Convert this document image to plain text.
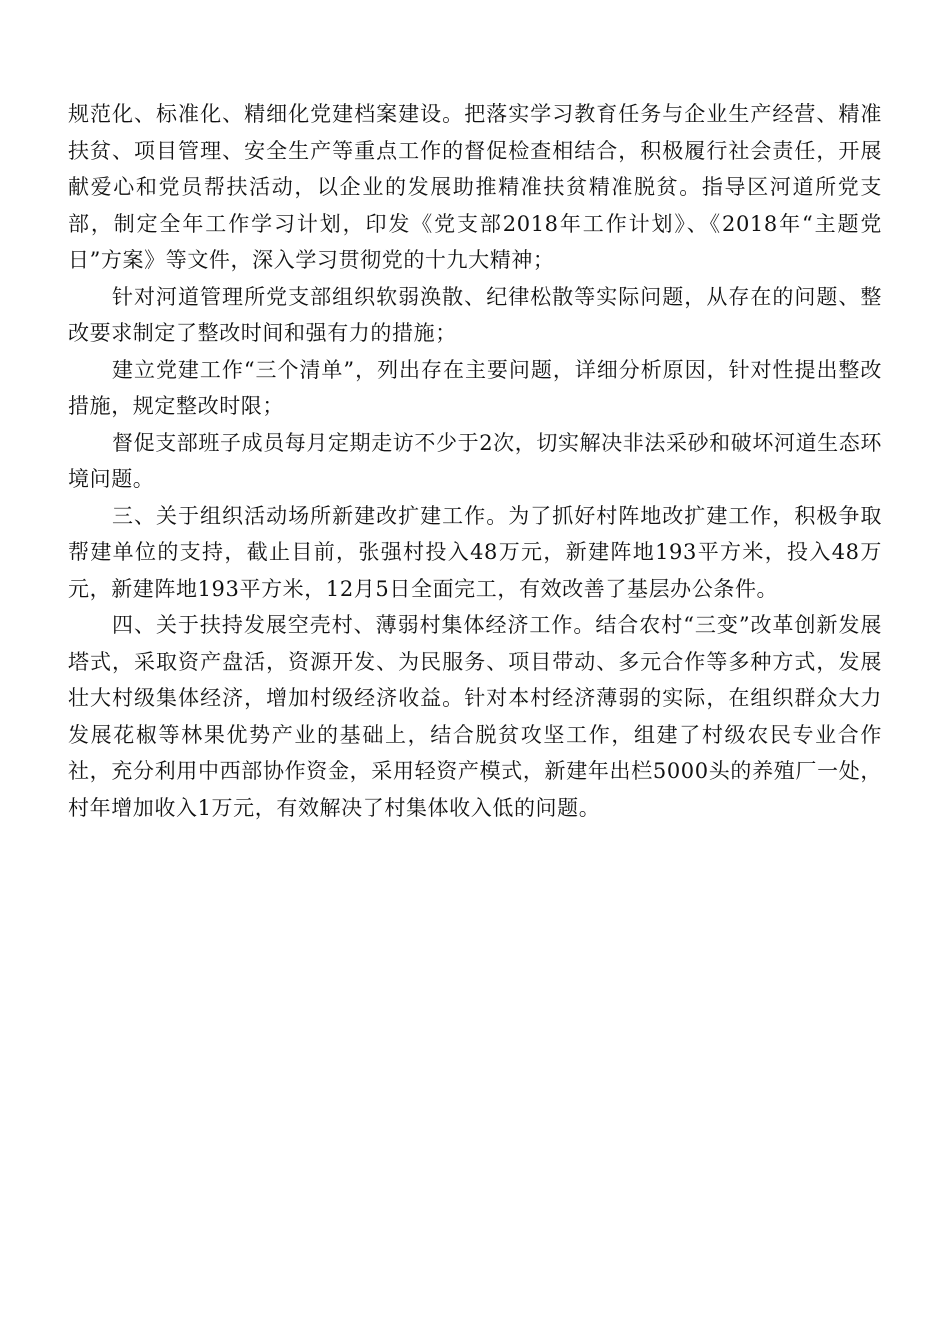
规范化、标准化、精细化党建档案建设。把落实学习教育任务与企业生产经营、精准扶贫、项目管理、安全生产等重点工作的督促检查相结合，积极履行社会责任，开展献爱心和党员帮扶活动，以企业的发展助推精准扶贫精准脱贫。指导区河道所党支部，制定全年工作学习计划，印发《党支部2018年工作计划》、《2018年“主题党日”方案》等文件，深入学习贯彻党的十九大精神；

针对河道管理所党支部组织软弱涣散、纪律松散等实际问题，从存在的问题、整改要求制定了整改时间和强有力的措施；

建立党建工作“三个清单”，列出存在主要问题，详细分析原因，针对性提出整改措施，规定整改时限；

督促支部班子成员每月定期走访不少于2次，切实解决非法采砂和破坏河道生态环境问题。

三、关于组织活动场所新建改扩建工作。为了抓好村阵地改扩建工作，积极争取帮建单位的支持，截止目前，张强村投入48万元，新建阵地193平方米，投入48万元，新建阵地193平方米，12月5日全面完工，有效改善了基层办公条件。

四、关于扶持发展空壳村、薄弱村集体经济工作。结合农村“三变”改革创新发展塔式，采取资产盘活，资源开发、为民服务、项目带动、多元合作等多种方式，发展壮大村级集体经济，增加村级经济收益。针对本村经济薄弱的实际，在组织群众大力发展花椒等林果优势产业的基础上，结合脱贫攻坚工作，组建了村级农民专业合作社，充分利用中西部协作资金，采用轻资产模式，新建年出栏5000头的养殖厂一处，村年增加收入1万元，有效解决了村集体收入低的问题。
